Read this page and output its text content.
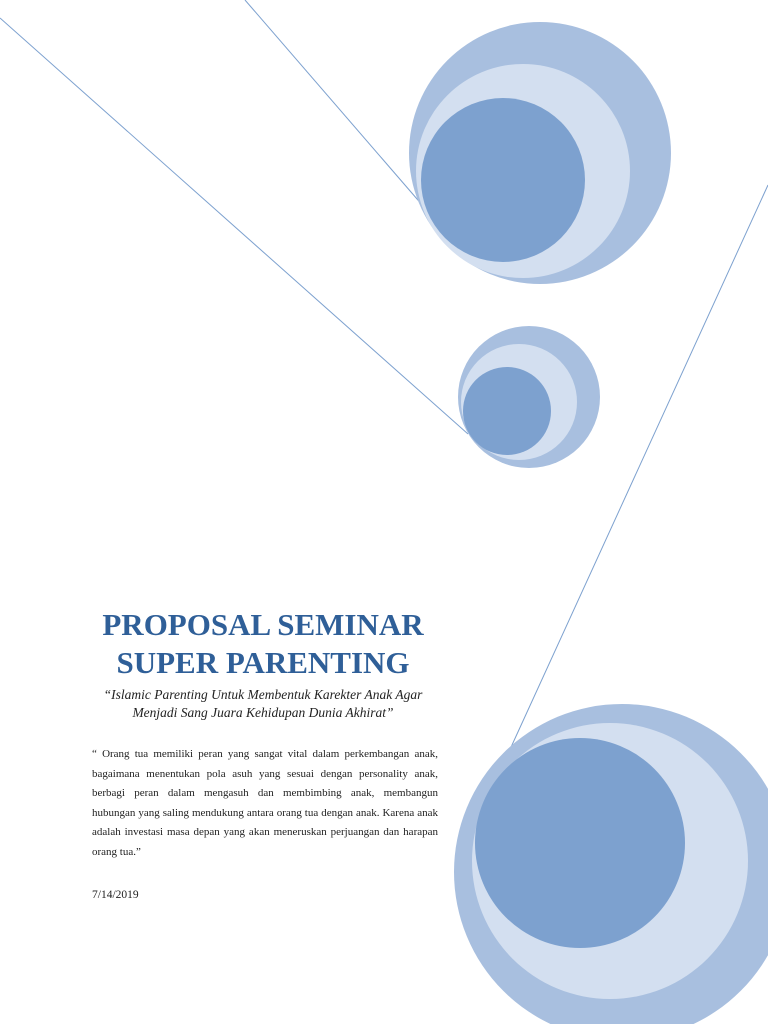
PROPOSAL SEMINAR
SUPER PARENTING

“Islamic Parenting Untuk Membentuk Karekter Anak Agar
Menjadi Sang Juara Kehidupan Dunia Akhirat”

“ Orang tua memiliki peran yang sangat vital dalam perkembangan anak, bagaimana menentukan pola asuh yang sesuai dengan personality anak, berbagi peran dalam mengasuh dan membimbing anak, membangun hubungan yang saling mendukung antara orang tua dengan anak. Karena anak adalah investasi masa depan yang akan meneruskan perjuangan dan harapan orang tua.”

7/14/2019
